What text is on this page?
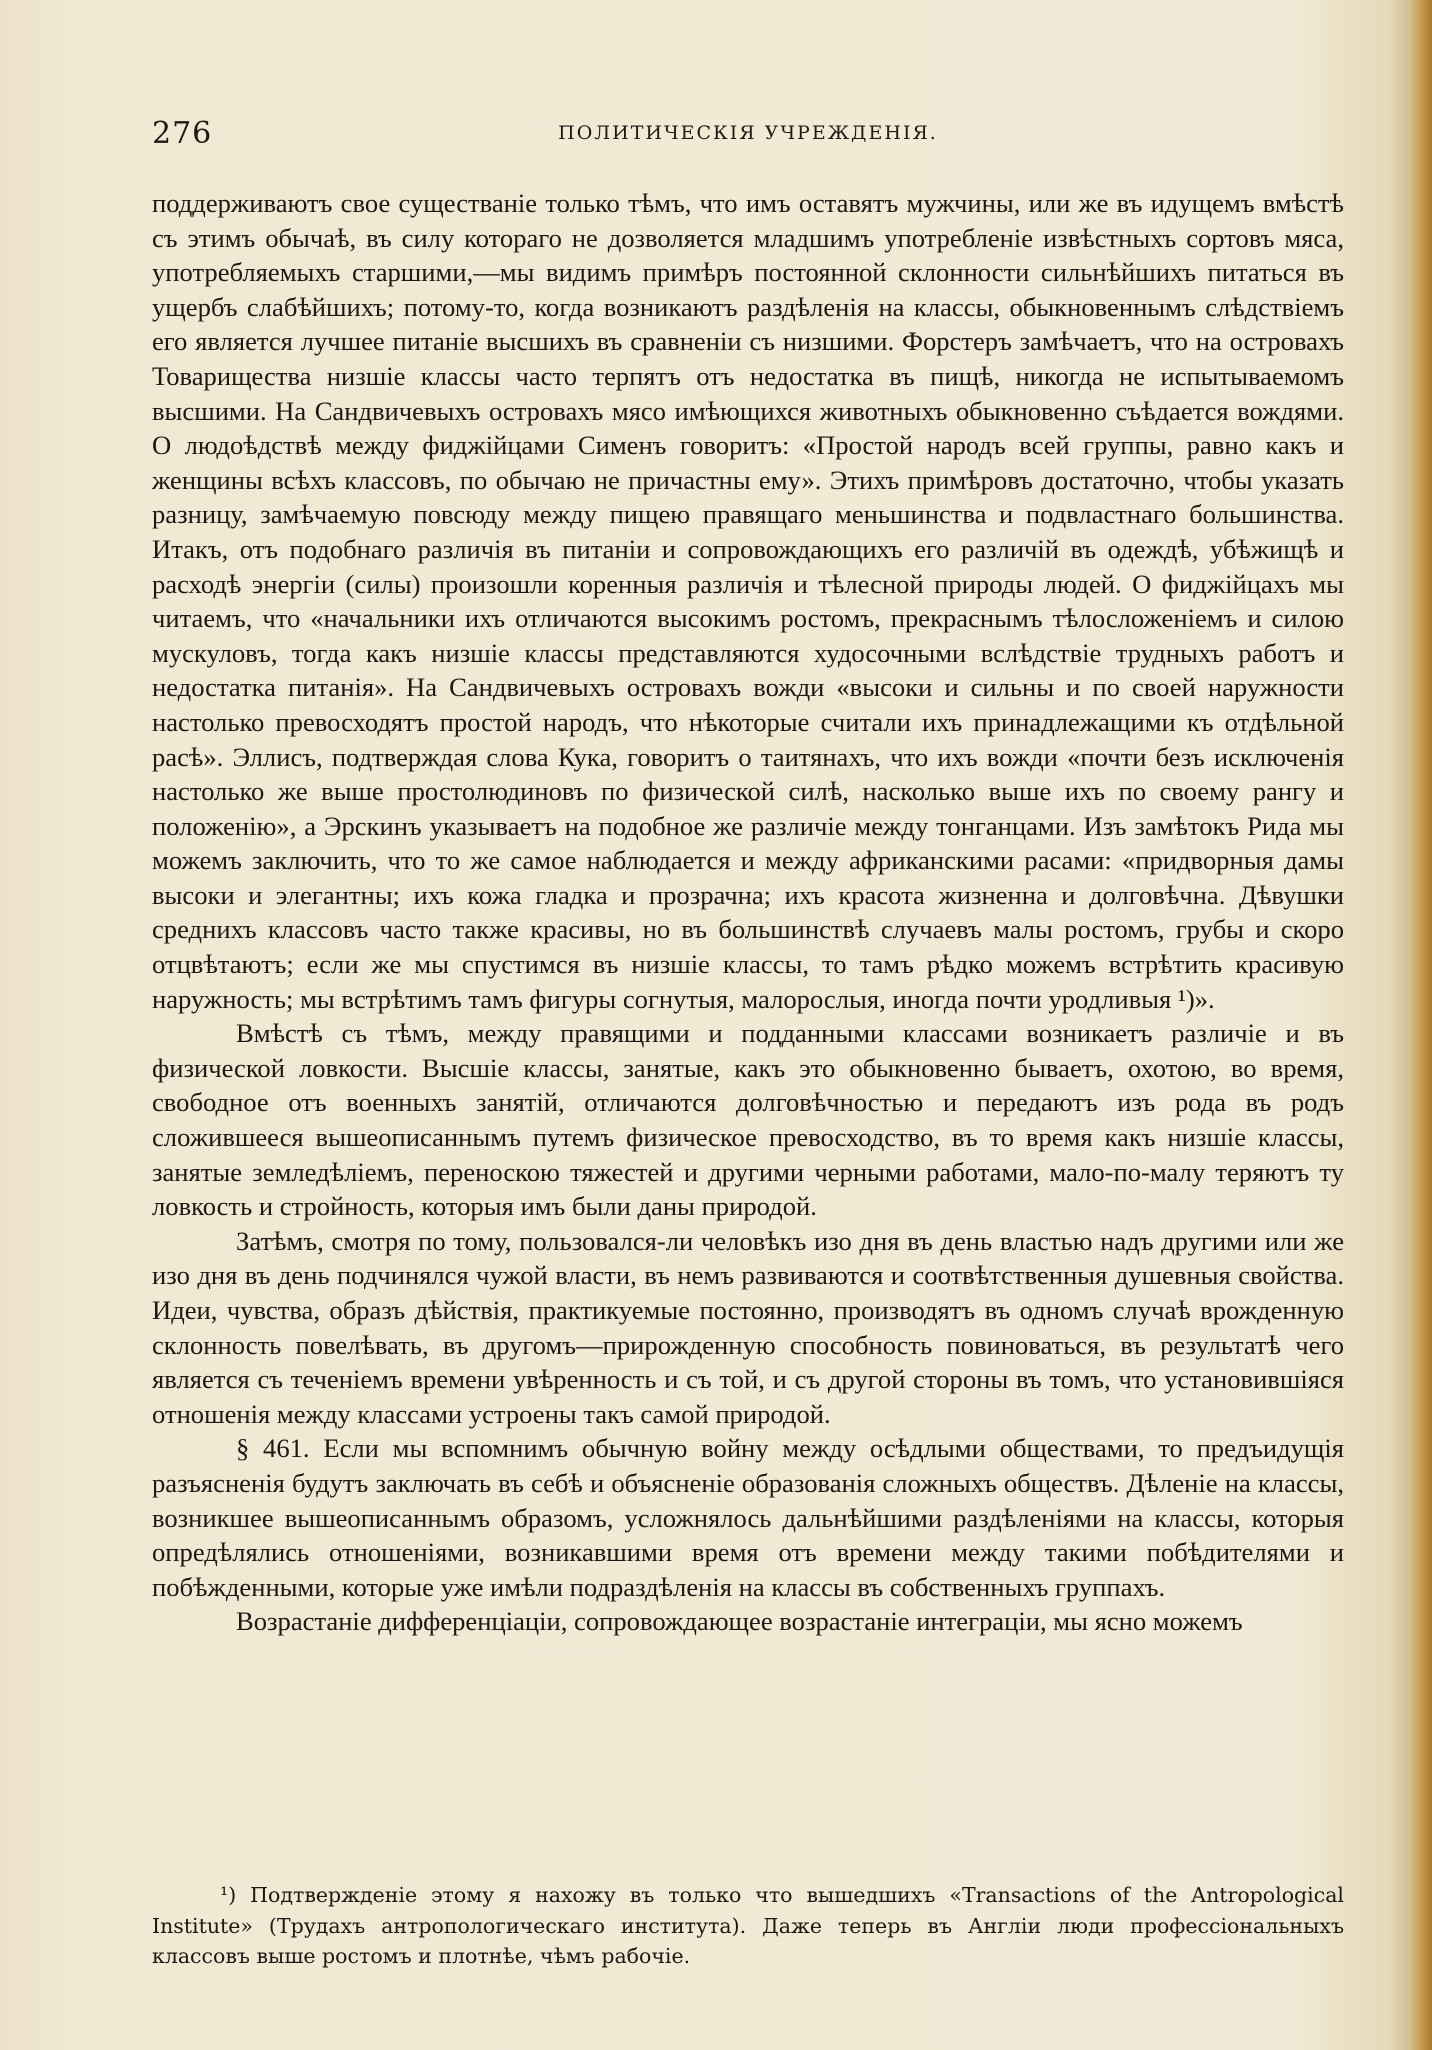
276	ПОЛИТИЧЕСКІЯ УЧРЕЖДЕНІЯ.

поддерживаютъ свое существаніе только тѣмъ, что имъ оставятъ мужчины, или же въ идущемъ вмѣстѣ съ этимъ обычаѣ, въ силу котораго не дозволяется младшимъ употребленіе извѣстныхъ сортовъ мяса, употребляемыхъ старшими,—мы видимъ примѣръ постоянной склонности сильнѣйшихъ питаться въ ущербъ слабѣйшихъ; потому-то, когда возникаютъ раздѣленія на классы, обыкновеннымъ слѣдствіемъ его является лучшее питаніе высшихъ въ сравненіи съ низшими. Форстеръ замѣчаетъ, что на островахъ Товарищества низшіе классы часто терпятъ отъ недостатка въ пищѣ, никогда не испытываемомъ высшими. На Сандвичевыхъ островахъ мясо имѣющихся животныхъ обыкновенно съѣдается вождями. О людоѣдствѣ между фиджійцами Сименъ говоритъ: «Простой народъ всей группы, равно какъ и женщины всѣхъ классовъ, по обычаю не причастны ему». Этихъ примѣровъ достаточно, чтобы указать разницу, замѣчаемую повсюду между пищею правящаго меньшинства и подвластнаго большинства. Итакъ, отъ подобнаго различія въ питаніи и сопровождающихъ его различій въ одеждѣ, убѣжищѣ и расходѣ энергіи (силы) произошли коренныя различія и тѣлесной природы людей. О фиджійцахъ мы читаемъ, что «начальники ихъ отличаются высокимъ ростомъ, прекраснымъ тѣлосложеніемъ и силою мускуловъ, тогда какъ низшіе классы представляются худосочными вслѣдствіе трудныхъ работъ и недостатка питанія». На Сандвичевыхъ островахъ вожди «высоки и сильны и по своей наружности настолько превосходятъ простой народъ, что нѣкоторые считали ихъ принадлежащими къ отдѣльной расѣ». Эллисъ, подтверждая слова Кука, говоритъ о таитянахъ, что ихъ вожди «почти безъ исключенія настолько же выше простолюдиновъ по физической силѣ, насколько выше ихъ по своему рангу и положенію», а Эрскинъ указываетъ на подобное же различіе между тонганцами. Изъ замѣтокъ Рида мы можемъ заключить, что то же самое наблюдается и между африканскими расами: «придворныя дамы высоки и элегантны; ихъ кожа гладка и прозрачна; ихъ красота жизненна и долговѣчна. Дѣвушки среднихъ классовъ часто также красивы, но въ большинствѣ случаевъ малы ростомъ, грубы и скоро отцвѣтаютъ; если же мы спустимся въ низшіе классы, то тамъ рѣдко можемъ встрѣтить красивую наружность; мы встрѣтимъ тамъ фигуры согнутыя, малорослыя, иногда почти уродливыя ¹)».

Вмѣстѣ съ тѣмъ, между правящими и подданными классами возникаетъ различіе и въ физической ловкости. Высшіе классы, занятые, какъ это обыкновенно бываетъ, охотою, во время, свободное отъ военныхъ занятій, отличаются долговѣчностью и передаютъ изъ рода въ родъ сложившееся вышеописаннымъ путемъ физическое превосходство, въ то время какъ низшіе классы, занятые земледѣліемъ, переноскою тяжестей и другими черными работами, мало-по-малу теряютъ ту ловкость и стройность, которыя имъ были даны природой.

Затѣмъ, смотря по тому, пользовался-ли человѣкъ изо дня въ день властью надъ другими или же изо дня въ день подчинялся чужой власти, въ немъ развиваются и соотвѣтственныя душевныя свойства. Идеи, чувства, образъ дѣйствія, практикуемые постоянно, производятъ въ одномъ случаѣ врожденную склонность повелѣвать, въ другомъ—прирожденную способность повиноваться, въ результатѣ чего является съ теченіемъ времени увѣренность и съ той, и съ другой стороны въ томъ, что установившіяся отношенія между классами устроены такъ самой природой.

§ 461. Если мы вспомнимъ обычную войну между осѣдлыми обществами, то предъидущія разъясненія будутъ заключать въ себѣ и объясненіе образованія сложныхъ обществъ. Дѣленіе на классы, возникшее вышеописаннымъ образомъ, усложнялось дальнѣйшими раздѣленіями на классы, которыя опредѣлялись отношеніями, возникавшими время отъ времени между такими побѣдителями и побѣжденными, которые уже имѣли подраздѣленія на классы въ собственныхъ группахъ.

Возрастаніе дифференціаціи, сопровождающее возрастаніе интеграціи, мы ясно можемъ

¹) Подтвержденіе этому я нахожу въ только что вышедшихъ «Transactions of the Antropological Institute» (Трудахъ антропологическаго института). Даже теперь въ Англіи люди профессіональныхъ классовъ выше ростомъ и плотнѣе, чѣмъ рабочіе.
